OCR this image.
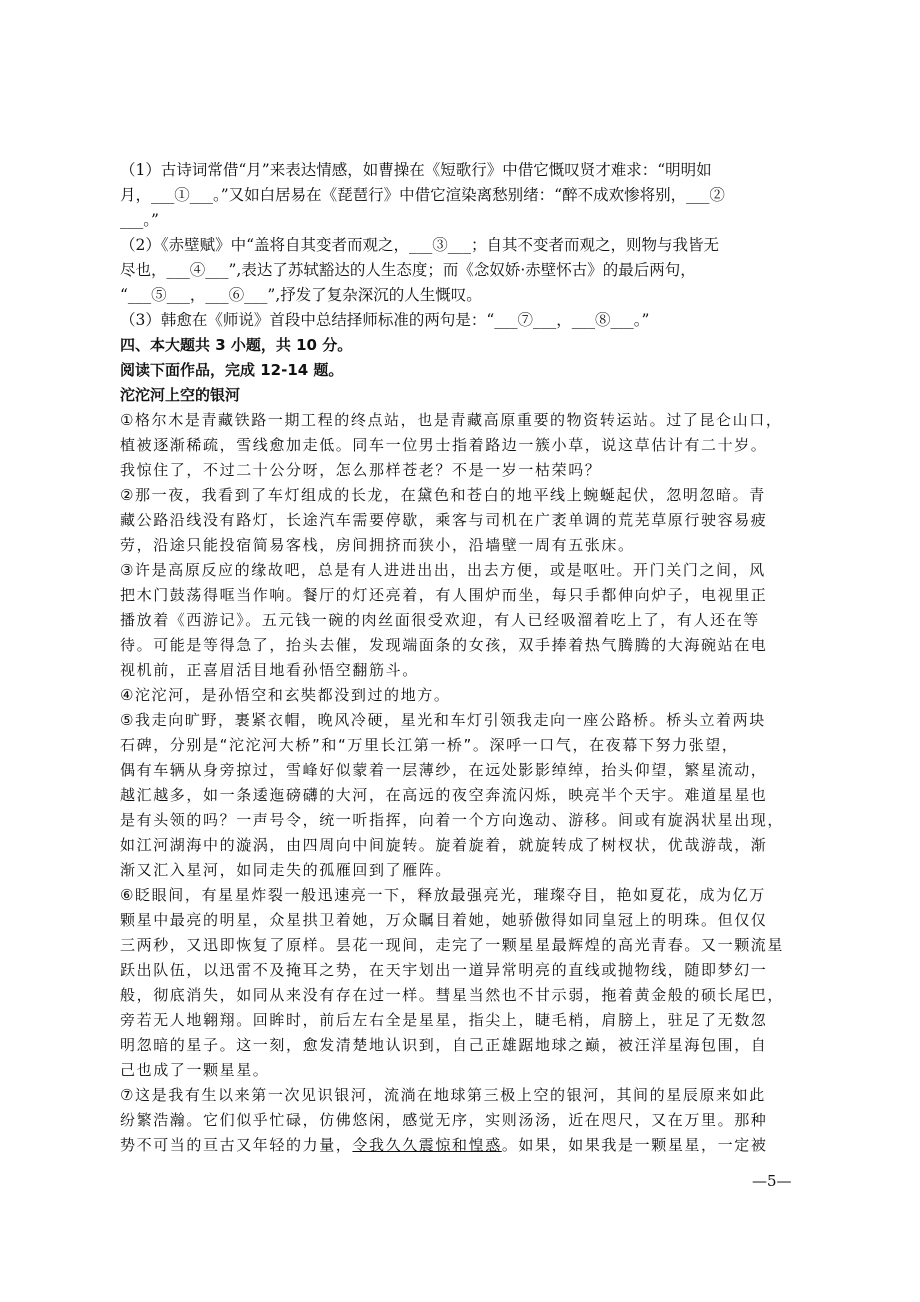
（1）古诗词常借“月”来表达情感，如曹操在《短歌行》中借它慨叹贤才难求：“明明如
月，___①___。”又如白居易在《琵琶行》中借它渲染离愁别绪：“醉不成欢惨将别，___②
___。”
（2）《赤壁赋》中“盖将自其变者而观之，___③___；自其不变者而观之，则物与我皆无
尽也，___④___”,表达了苏轼豁达的人生态度；而《念奴娇·赤壁怀古》的最后两句，
“___⑤___，___⑥___”,抒发了复杂深沉的人生慨叹。
（3）韩愈在《师说》首段中总结择师标准的两句是：“___⑦___，___⑧___。”
四、本大题共 3 小题，共 10 分。
阅读下面作品，完成 12-14 题。
沱沱河上空的银河
①格尔木是青藏铁路一期工程的终点站，也是青藏高原重要的物资转运站。过了昆仑山口，
植被逐渐稀疏，雪线愈加走低。同车一位男士指着路边一簇小草，说这草估计有二十岁。
我惊住了，不过二十公分呀，怎么那样苍老？不是一岁一枯荣吗？
②那一夜，我看到了车灯组成的长龙，在黛色和苍白的地平线上蜿蜒起伏，忽明忽暗。青
藏公路沿线没有路灯，长途汽车需要停歇，乘客与司机在广袤单调的荒芜草原行驶容易疲
劳，沿途只能投宿简易客栈，房间拥挤而狭小，沿墙壁一周有五张床。
③许是高原反应的缘故吧，总是有人进进出出，出去方便，或是呕吐。开门关门之间，风
把木门鼓荡得哐当作响。餐厅的灯还亮着，有人围炉而坐，每只手都伸向炉子，电视里正
播放着《西游记》。五元钱一碗的肉丝面很受欢迎，有人已经吸溜着吃上了，有人还在等
待。可能是等得急了，抬头去催，发现端面条的女孩，双手捧着热气腾腾的大海碗站在电
视机前，正喜眉活目地看孙悟空翻筋斗。
④沱沱河，是孙悟空和玄奘都没到过的地方。
⑤我走向旷野，裹紧衣帽，晚风冷硬，星光和车灯引领我走向一座公路桥。桥头立着两块
石碑，分别是“沱沱河大桥”和“万里长江第一桥”。深呼一口气，在夜幕下努力张望，
偶有车辆从身旁掠过，雪峰好似蒙着一层薄纱，在远处影影绰绰，抬头仰望，繁星流动，
越汇越多，如一条逶迤磅礴的大河，在高远的夜空奔流闪烁，映亮半个天宇。难道星星也
是有头领的吗？一声号令，统一听指挥，向着一个方向逸动、游移。间或有旋涡状星出现，
如江河湖海中的漩涡，由四周向中间旋转。旋着旋着，就旋转成了树杈状，优哉游哉，渐
渐又汇入星河，如同走失的孤雁回到了雁阵。
⑥眨眼间，有星星炸裂一般迅速亮一下，释放最强亮光，璀璨夺目，艳如夏花，成为亿万
颗星中最亮的明星，众星拱卫着她，万众瞩目着她，她骄傲得如同皇冠上的明珠。但仅仅
三两秒，又迅即恢复了原样。昙花一现间，走完了一颗星星最辉煌的高光青春。又一颗流星
跃出队伍，以迅雷不及掩耳之势，在天宇划出一道异常明亮的直线或抛物线，随即梦幻一
般，彻底消失，如同从来没有存在过一样。彗星当然也不甘示弱，拖着黄金般的硕长尾巴，
旁若无人地翱翔。回眸时，前后左右全是星星，指尖上，睫毛梢，肩膀上，驻足了无数忽
明忽暗的星子。这一刻，愈发清楚地认识到，自己正雄踞地球之巅，被汪洋星海包围，自
己也成了一颗星星。
⑦这是我有生以来第一次见识银河，流淌在地球第三极上空的银河，其间的星辰原来如此
纷繁浩瀚。它们似乎忙碌，仿佛悠闲，感觉无序，实则汤汤，近在咫尺，又在万里。那种
势不可当的亘古又年轻的力量，令我久久震惊和惶惑。如果，如果我是一颗星星，一定被
—5—
